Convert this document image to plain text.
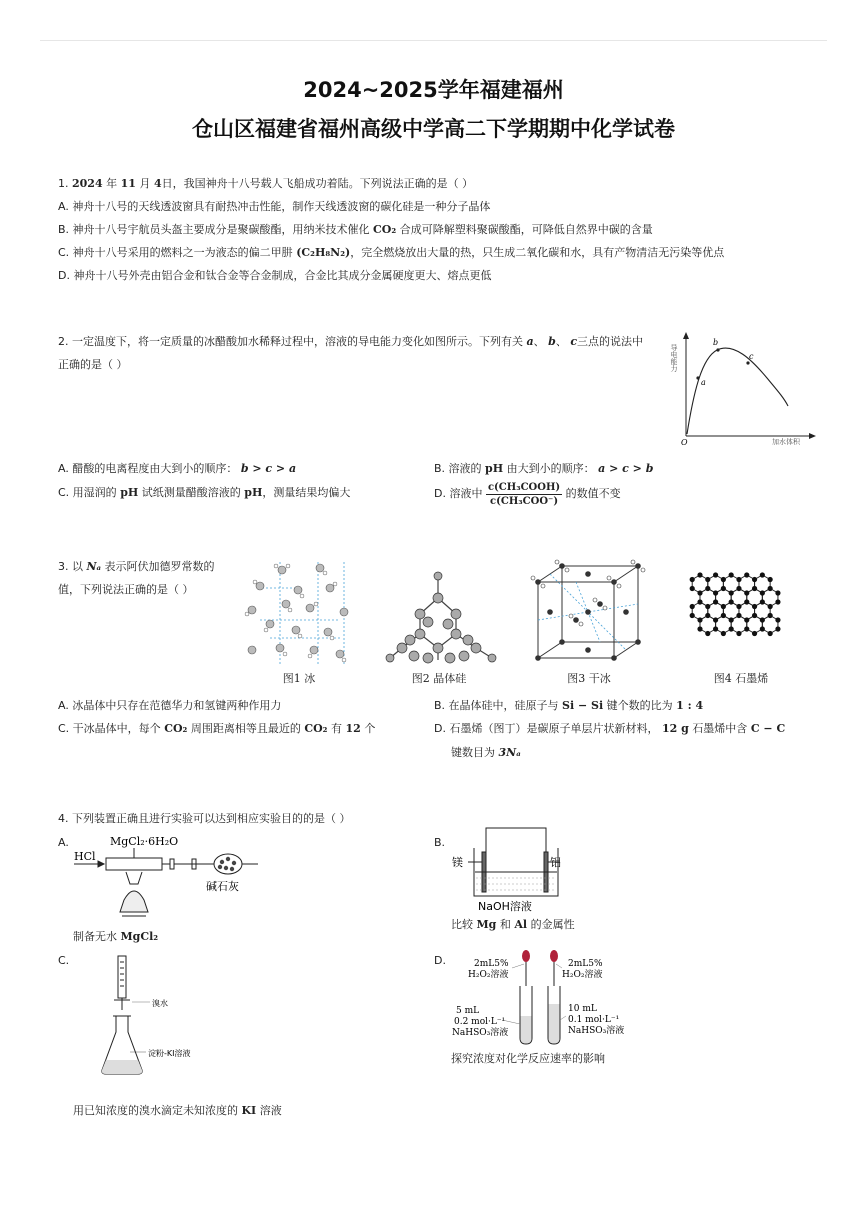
2024~2025学年福建福州
仓山区福建省福州高级中学高二下学期期中化学试卷
1. 2024 年 11 月 4日，我国神舟十八号载人飞船成功着陆。下列说法正确的是（ ）
A. 神舟十八号的天线透波窗具有耐热冲击性能，制作天线透波窗的碳化硅是一种分子晶体
B. 神舟十八号宇航员头盔主要成分是聚碳酸酯，用纳米技术催化 CO₂ 合成可降解塑料聚碳酸酯，可降低自然界中碳的含量
C. 神舟十八号采用的燃料之一为液态的偏二甲肼 (C₂H₈N₂)，完全燃烧放出大量的热，只生成二氧化碳和水，具有产物清洁无污染等优点
D. 神舟十八号外壳由铝合金和钛合金等合金制成，合金比其成分金属硬度更大、熔点更低
2. 一定温度下，将一定质量的冰醋酸加水稀释过程中，溶液的导电能力变化如图所示。下列有关 a、 b、 c三点的说法中
正确的是（ ）
a
b
c
O	加水体积
导电能力
A. 醋酸的电离程度由大到小的顺序： b > c > a	B. 溶液的 pH 由大到小的顺序： a > c > b
C. 用湿润的 pH 试纸测量醋酸溶液的 pH，测量结果均偏大	D. 溶液中 $\frac{\text{c(CH₃COOH)}}{\text{c(CH₃COO⁻)}}$ 的数值不变
3. 以 Nₐ 表示阿伏加德罗常数的
值，下列说法正确的是（ ）
图1 冰	图2 晶体硅	图3 干冰	图4 石墨烯
A. 冰晶体中只存在范德华力和氢键两种作用力	B. 在晶体硅中，硅原子与 Si − Si 键个数的比为 1 : 4
C. 干冰晶体中，每个 CO₂ 周围距离相等且最近的 CO₂ 有 12 个	D. 石墨烯（图丁）是碳原子单层片状新材料， 12 g 石墨烯中含 C − C
键数目为 3Nₐ
4. 下列装置正确且进行实验可以达到相应实验目的的是（ ）
A.
HCl
MgCl₂·6H₂O
碱石灰
制备无水 MgCl₂
B.
镁	铝
NaOH溶液
比较 Mg 和 Al 的金属性
C.
溴水
淀粉-KI溶液
用已知浓度的溴水滴定未知浓度的 KI 溶液
D.	2mL5%
H₂O₂溶液
2mL5%
H₂O₂溶液
5 mL
0.2 mol·L⁻¹
NaHSO₃溶液
10 mL
0.1 mol·L⁻¹
NaHSO₃溶液
探究浓度对化学反应速率的影响
